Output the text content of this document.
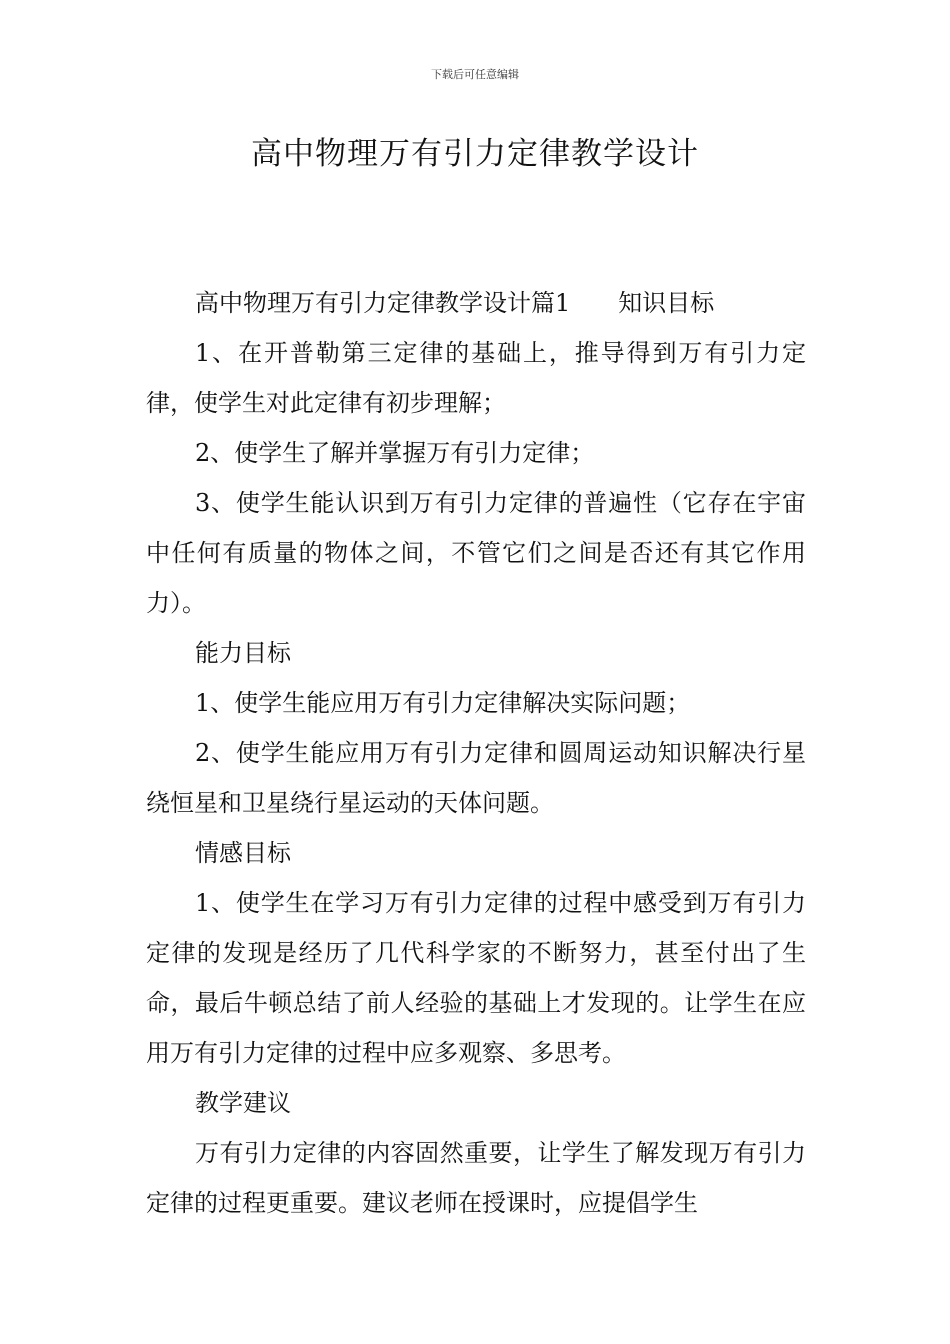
下载后可任意编辑
高中物理万有引力定律教学设计

高中物理万有引力定律教学设计篇1 知识目标

1、在开普勒第三定律的基础上，推导得到万有引力定律，使学生对此定律有初步理解；

2、使学生了解并掌握万有引力定律；

3、使学生能认识到万有引力定律的普遍性（它存在宇宙中任何有质量的物体之间，不管它们之间是否还有其它作用力）。

能力目标

1、使学生能应用万有引力定律解决实际问题；

2、使学生能应用万有引力定律和圆周运动知识解决行星绕恒星和卫星绕行星运动的天体问题。

情感目标

1、使学生在学习万有引力定律的过程中感受到万有引力定律的发现是经历了几代科学家的不断努力，甚至付出了生命，最后牛顿总结了前人经验的基础上才发现的。让学生在应用万有引力定律的过程中应多观察、多思考。

教学建议

万有引力定律的内容固然重要，让学生了解发现万有引力定律的过程更重要。建议老师在授课时，应提倡学生
